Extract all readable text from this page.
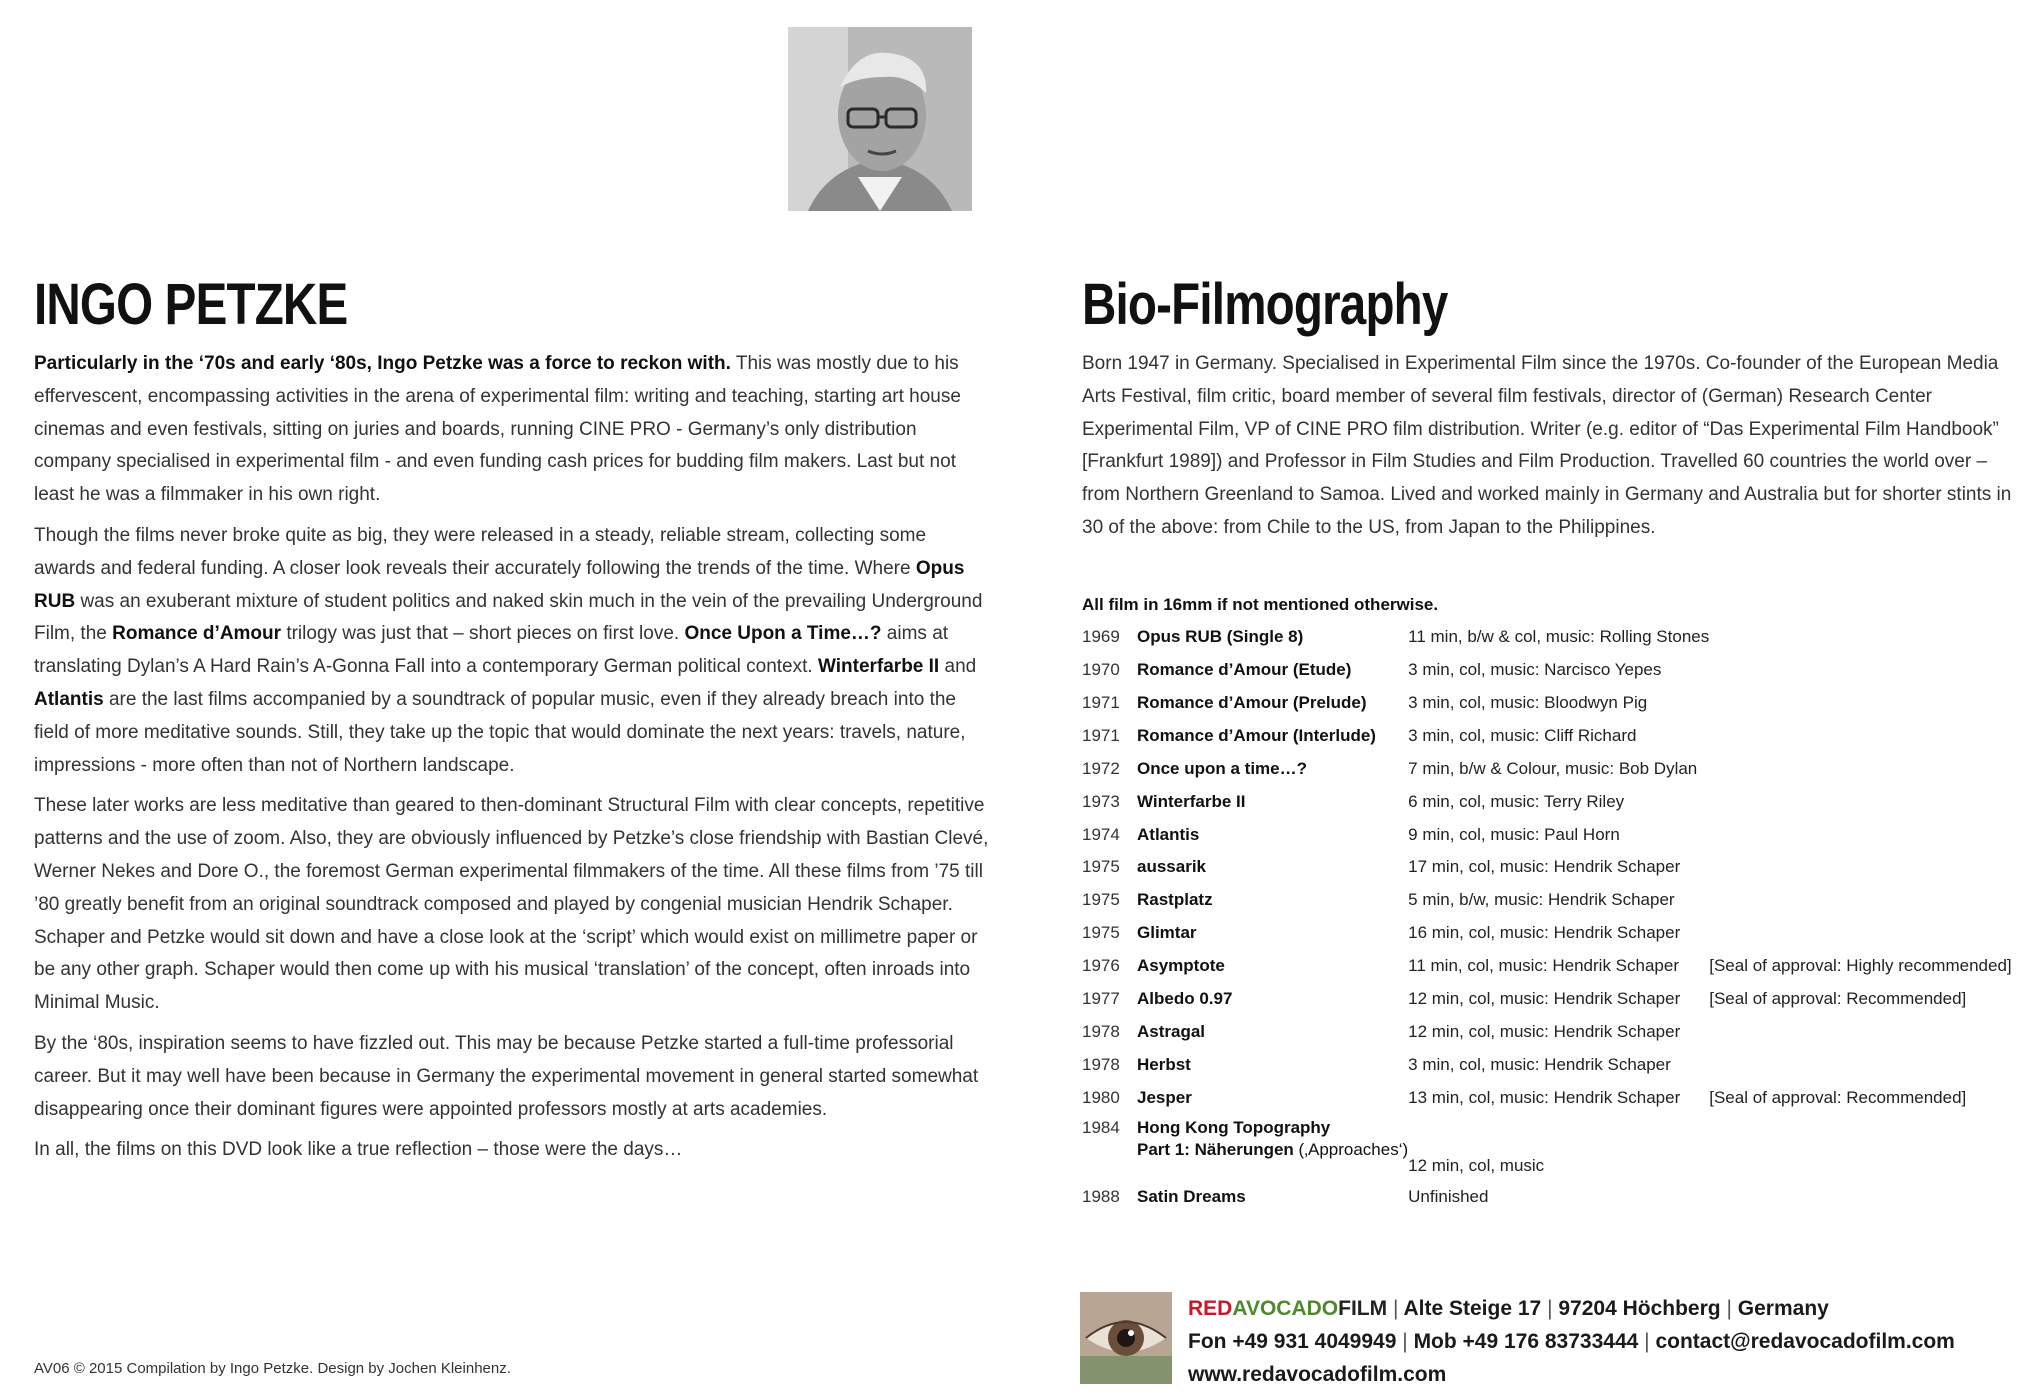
INGO PETZKE

Particularly in the ‘70s and early ‘80s, Ingo Petzke was a force to reckon with. This was mostly due to his effervescent, encompassing activities in the arena of experimental film: writing and teaching, starting art house cinemas and even festivals, sitting on juries and boards, running CINE PRO - Germany’s only distribution company specialised in experimental film - and even funding cash prices for budding film makers. Last but not least he was a filmmaker in his own right.

Though the films never broke quite as big, they were released in a steady, reliable stream, collecting some awards and federal funding. A closer look reveals their accurately following the trends of the time. Where Opus RUB was an exuberant mixture of student politics and naked skin much in the vein of the prevailing Underground Film, the Romance d’Amour trilogy was just that – short pieces on first love. Once Upon a Time…? aims at translating Dylan’s A Hard Rain’s A-Gonna Fall into a contemporary German political context. Winterfarbe II and Atlantis are the last films accompanied by a soundtrack of popular music, even if they already breach into the field of more meditative sounds. Still, they take up the topic that would dominate the next years: travels, nature, impressions - more often than not of Northern landscape.

These later works are less meditative than geared to then-dominant Structural Film with clear concepts, repetitive patterns and the use of zoom. Also, they are obviously influenced by Petzke’s close friendship with Bastian Clevé, Werner Nekes and Dore O., the foremost German experimental filmmakers of the time. All these films from ’75 till ’80 greatly benefit from an original soundtrack composed and played by congenial musician Hendrik Schaper. Schaper and Petzke would sit down and have a close look at the ‘script’ which would exist on millimetre paper or be any other graph. Schaper would then come up with his musical ‘translation’ of the concept, often inroads into Minimal Music.

By the ‘80s, inspiration seems to have fizzled out. This may be because Petzke started a full-time professorial career. But it may well have been because in Germany the experimental movement in general started somewhat disappearing once their dominant figures were appointed professors mostly at arts academies.

In all, the films on this DVD look like a true reflection – those were the days…

Bio-Filmography

Born 1947 in Germany. Specialised in Experimental Film since the 1970s. Co-founder of the European Media Arts Festival, film critic, board member of several film festivals, director of (German) Research Center Experimental Film, VP of CINE PRO film distribution. Writer (e.g. editor of “Das Experimental Film Handbook” [Frankfurt 1989]) and Professor in Film Studies and Film Production. Travelled 60 countries the world over – from Northern Greenland to Samoa. Lived and worked mainly in Germany and Australia but for shorter stints in 30 of the above: from Chile to the US, from Japan to the Philippines.

All film in 16mm if not mentioned otherwise.
1969	Opus RUB (Single 8)	11 min, b/w & col, music: Rolling Stones	
1970	Romance d’Amour (Etude)	3 min, col, music: Narcisco Yepes	
1971	Romance d’Amour (Prelude)	3 min, col, music: Bloodwyn Pig	
1971	Romance d’Amour (Interlude)	3 min, col, music: Cliff Richard	
1972	Once upon a time…?	7 min, b/w & Colour, music: Bob Dylan	
1973	Winterfarbe II	6 min, col, music: Terry Riley	
1974	Atlantis	9 min, col, music: Paul Horn	
1975	aussarik	17 min, col, music: Hendrik Schaper	
1975	Rastplatz	5 min, b/w, music: Hendrik Schaper	
1975	Glimtar	16 min, col, music: Hendrik Schaper	
1976	Asymptote	11 min, col, music: Hendrik Schaper	[Seal of approval: Highly recommended]
1977	Albedo 0.97	12 min, col, music: Hendrik Schaper	[Seal of approval: Recommended]
1978	Astragal	12 min, col, music: Hendrik Schaper	
1978	Herbst	3 min, col, music: Hendrik Schaper	
1980	Jesper	13 min, col, music: Hendrik Schaper	[Seal of approval: Recommended]
1984	Hong Kong Topography
Part 1: Näherungen (‚Approaches‘)	12 min, col, music	
1988	Satin Dreams	Unfinished	
AV06 © 2015 Compilation by Ingo Petzke. Design by Jochen Kleinhenz.
REDAVOCADOFILM | Alte Steige 17 | 97204 Höchberg | Germany
Fon +49 931 4049949 | Mob +49 176 83733444 | contact@redavocadofilm.com
www.redavocadofilm.com
